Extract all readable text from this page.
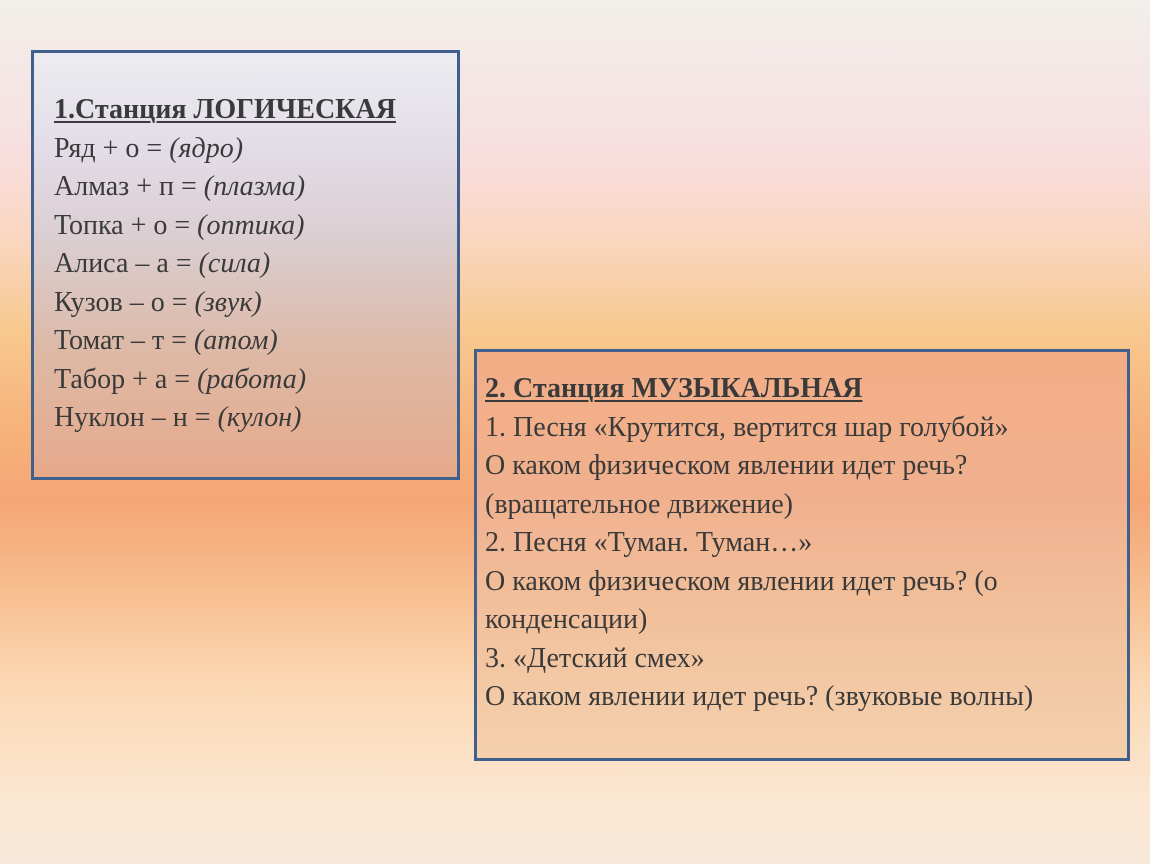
1.Станция ЛОГИЧЕСКАЯ
Ряд + о = (ядро)
Алмаз + п = (плазма)
Топка + о = (оптика)
Алиса – а = (сила)
Кузов – о = (звук)
Томат – т = (атом)
Табор + а = (работа)
Нуклон – н = (кулон)
2. Станция МУЗЫКАЛЬНАЯ
1. Песня «Крутится, вертится шар голубой»
О каком физическом явлении идет речь?
(вращательное движение)
2. Песня «Туман. Туман…»
О каком физическом явлении идет речь? (о
конденсации)
3. «Детский смех»
О каком явлении идет речь? (звуковые волны)
